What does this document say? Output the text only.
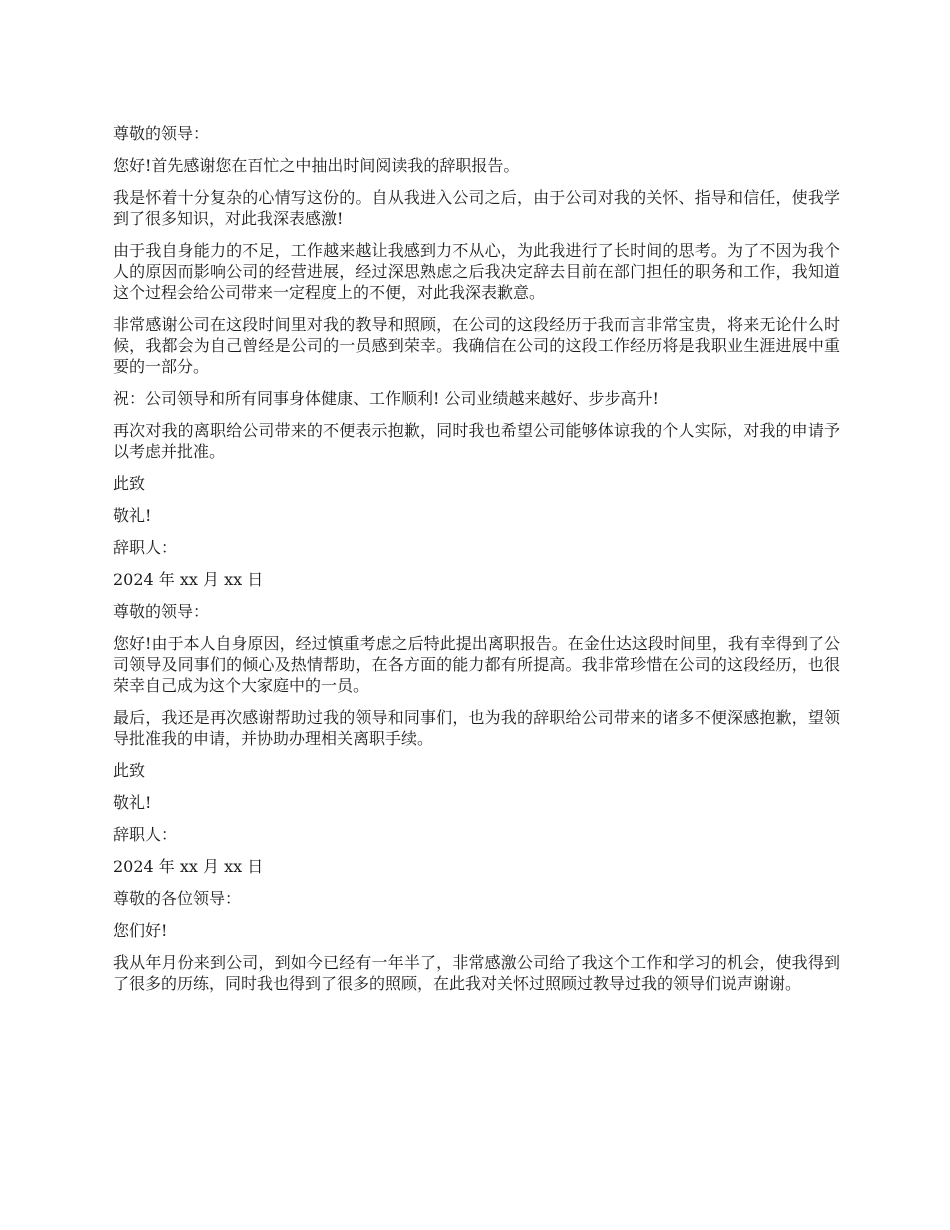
尊敬的领导：

您好!首先感谢您在百忙之中抽出时间阅读我的辞职报告。

我是怀着十分复杂的心情写这份的。自从我进入公司之后，由于公司对我的关怀、指导和信任，使我学到了很多知识，对此我深表感激!

由于我自身能力的不足，工作越来越让我感到力不从心，为此我进行了长时间的思考。为了不因为我个人的原因而影响公司的经营进展，经过深思熟虑之后我决定辞去目前在部门担任的职务和工作，我知道这个过程会给公司带来一定程度上的不便，对此我深表歉意。

非常感谢公司在这段时间里对我的教导和照顾，在公司的这段经历于我而言非常宝贵，将来无论什么时候，我都会为自己曾经是公司的一员感到荣幸。我确信在公司的这段工作经历将是我职业生涯进展中重要的一部分。

祝：公司领导和所有同事身体健康、工作顺利! 公司业绩越来越好、步步高升!

再次对我的离职给公司带来的不便表示抱歉，同时我也希望公司能够体谅我的个人实际，对我的申请予以考虑并批准。

此致

敬礼!

辞职人：

2024 年 xx 月 xx 日

尊敬的领导：

您好!由于本人自身原因，经过慎重考虑之后特此提出离职报告。在金仕达这段时间里，我有幸得到了公司领导及同事们的倾心及热情帮助，在各方面的能力都有所提高。我非常珍惜在公司的这段经历，也很荣幸自己成为这个大家庭中的一员。

最后，我还是再次感谢帮助过我的领导和同事们，也为我的辞职给公司带来的诸多不便深感抱歉，望领导批准我的申请，并协助办理相关离职手续。

此致

敬礼!

辞职人：

2024 年 xx 月 xx 日

尊敬的各位领导：

您们好!

我从年月份来到公司，到如今已经有一年半了，非常感激公司给了我这个工作和学习的机会，使我得到了很多的历练，同时我也得到了很多的照顾，在此我对关怀过照顾过教导过我的领导们说声谢谢。
